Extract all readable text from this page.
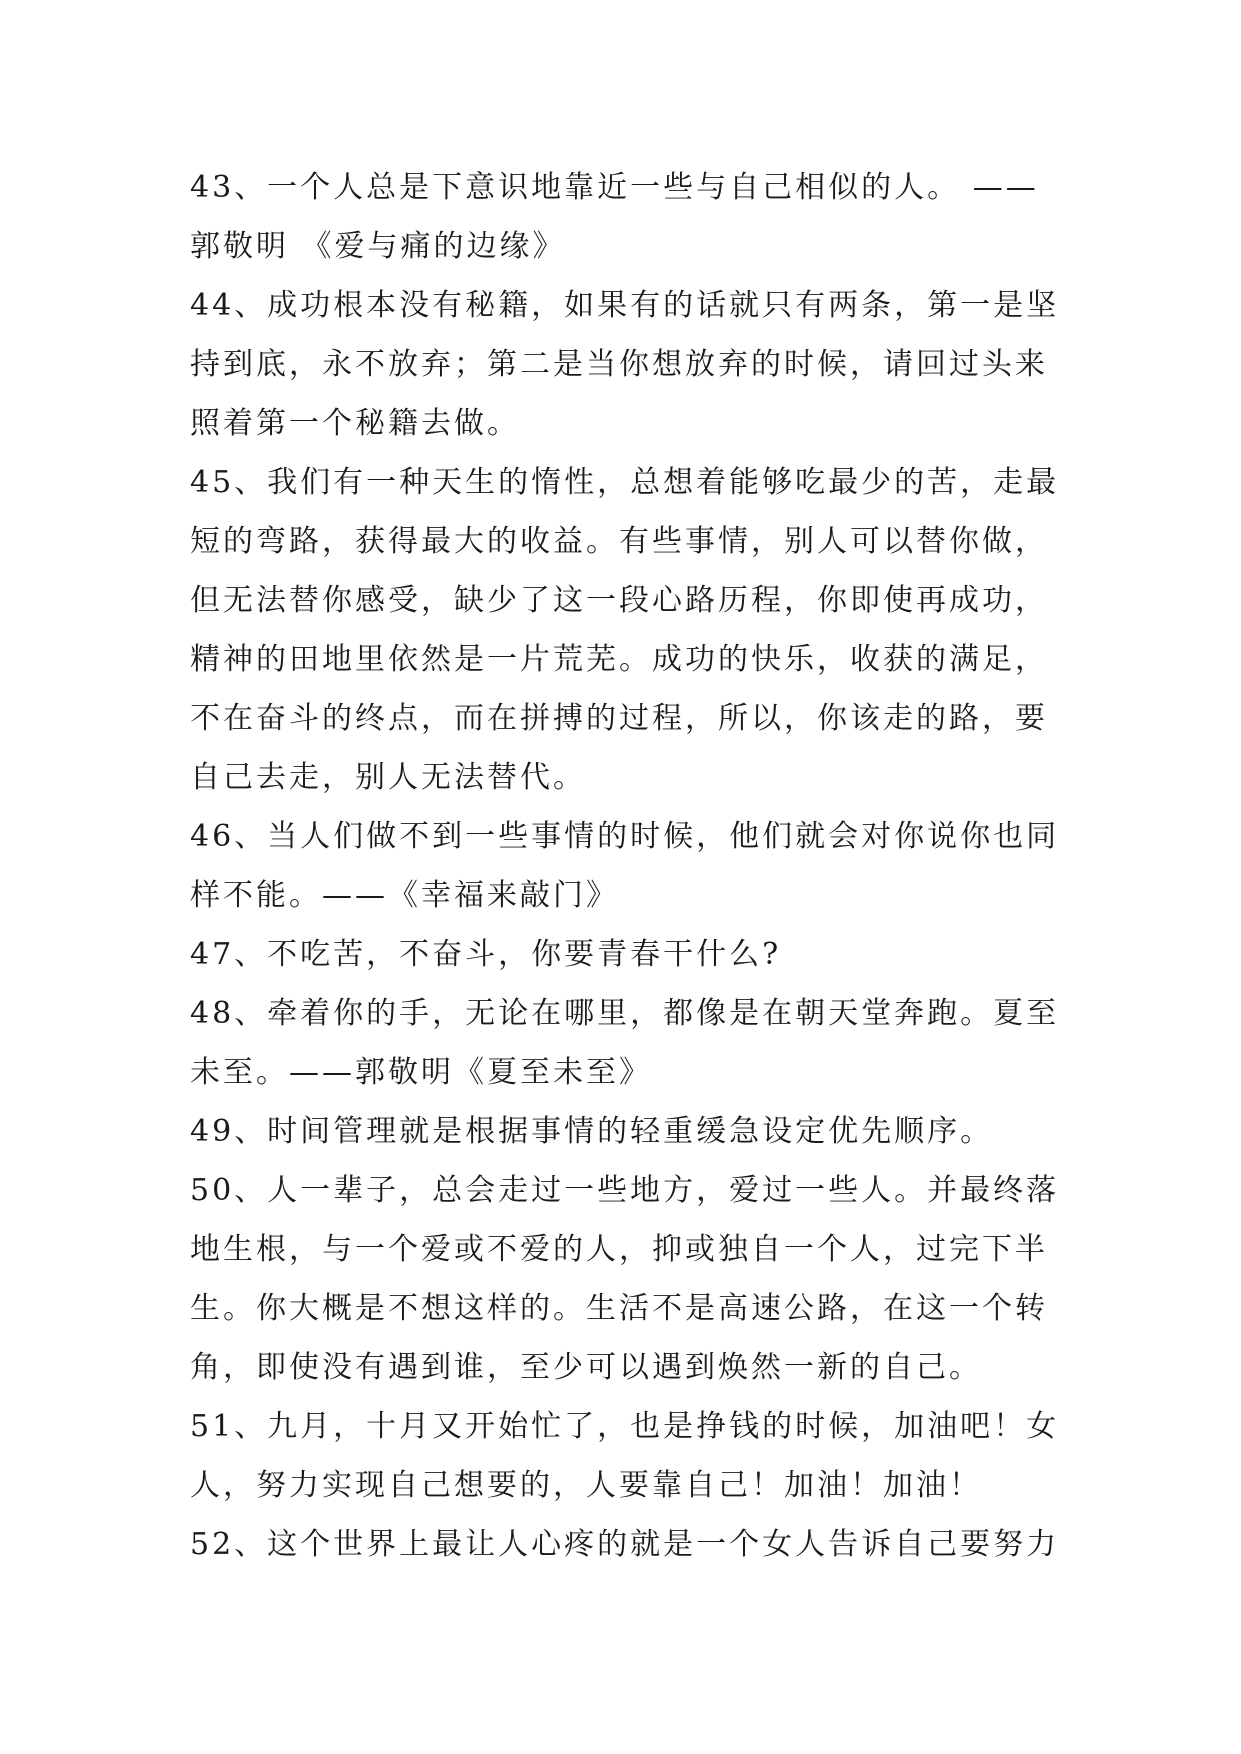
43、一个人总是下意识地靠近一些与自己相似的人。 ——郭敬明 《爱与痛的边缘》

44、成功根本没有秘籍，如果有的话就只有两条，第一是坚持到底，永不放弃；第二是当你想放弃的时候，请回过头来照着第一个秘籍去做。

45、我们有一种天生的惰性，总想着能够吃最少的苦，走最短的弯路，获得最大的收益。有些事情，别人可以替你做，但无法替你感受，缺少了这一段心路历程，你即使再成功，精神的田地里依然是一片荒芜。成功的快乐，收获的满足，不在奋斗的终点，而在拼搏的过程，所以，你该走的路，要自己去走，别人无法替代。

46、当人们做不到一些事情的时候，他们就会对你说你也同样不能。——《幸福来敲门》

47、不吃苦，不奋斗，你要青春干什么?

48、牵着你的手，无论在哪里，都像是在朝天堂奔跑。夏至未至。——郭敬明《夏至未至》

49、时间管理就是根据事情的轻重缓急设定优先顺序。

50、人一辈子，总会走过一些地方，爱过一些人。并最终落地生根，与一个爱或不爱的人，抑或独自一个人，过完下半生。你大概是不想这样的。生活不是高速公路，在这一个转角，即使没有遇到谁，至少可以遇到焕然一新的自己。

51、九月，十月又开始忙了，也是挣钱的时候，加油吧！女人，努力实现自己想要的，人要靠自己！加油！加油！

52、这个世界上最让人心疼的就是一个女人告诉自己要努力
